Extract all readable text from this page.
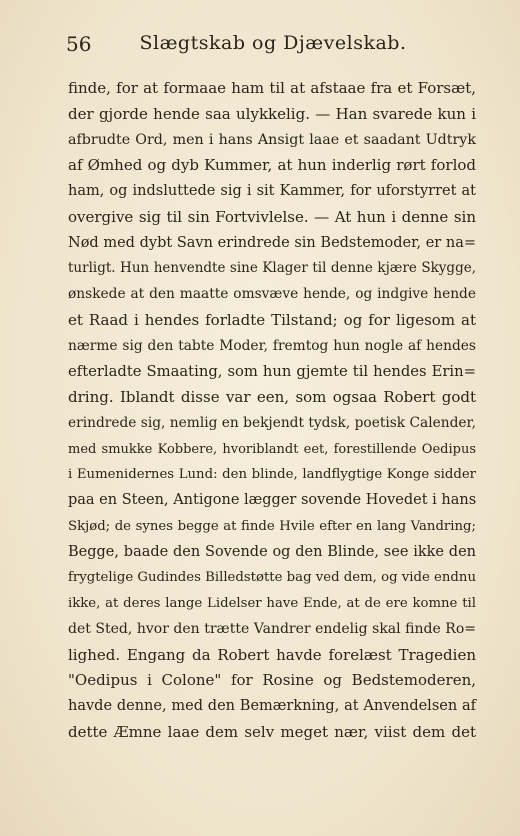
56	Slægtskab og Djævelskab.
finde, for at formaae ham til at afstaae fra et Forsæt,
der gjorde hende saa ulykkelig. — Han svarede kun i
afbrudte Ord, men i hans Ansigt laae et saadant Udtryk
af Ømhed og dyb Kummer, at hun inderlig rørt forlod
ham, og indsluttede sig i sit Kammer, for uforstyrret at
overgive sig til sin Fortvivlelse. — At hun i denne sin
Nød med dybt Savn erindrede sin Bedstemoder, er na=
turligt. Hun henvendte sine Klager til denne kjære Skygge,
ønskede at den maatte omsvæve hende, og indgive hende
et Raad i hendes forladte Tilstand; og for ligesom at
nærme sig den tabte Moder, fremtog hun nogle af hendes
efterladte Smaating, som hun gjemte til hendes Erin=
dring. Iblandt disse var een, som ogsaa Robert godt
erindrede sig, nemlig en bekjendt tydsk, poetisk Calender,
med smukke Kobbere, hvoriblandt eet, forestillende Oedipus
i Eumenidernes Lund: den blinde, landflygtige Konge sidder
paa en Steen, Antigone lægger sovende Hovedet i hans
Skjød; de synes begge at finde Hvile efter en lang Vandring;
Begge, baade den Sovende og den Blinde, see ikke den
frygtelige Gudindes Billedstøtte bag ved dem, og vide endnu
ikke, at deres lange Lidelser have Ende, at de ere komne til
det Sted, hvor den trætte Vandrer endelig skal finde Ro=
lighed. Engang da Robert havde forelæst Tragedien
"Oedipus i Colone" for Rosine og Bedstemoderen,
havde denne, med den Bemærkning, at Anvendelsen af
dette Æmne laae dem selv meget nær, viist dem det
